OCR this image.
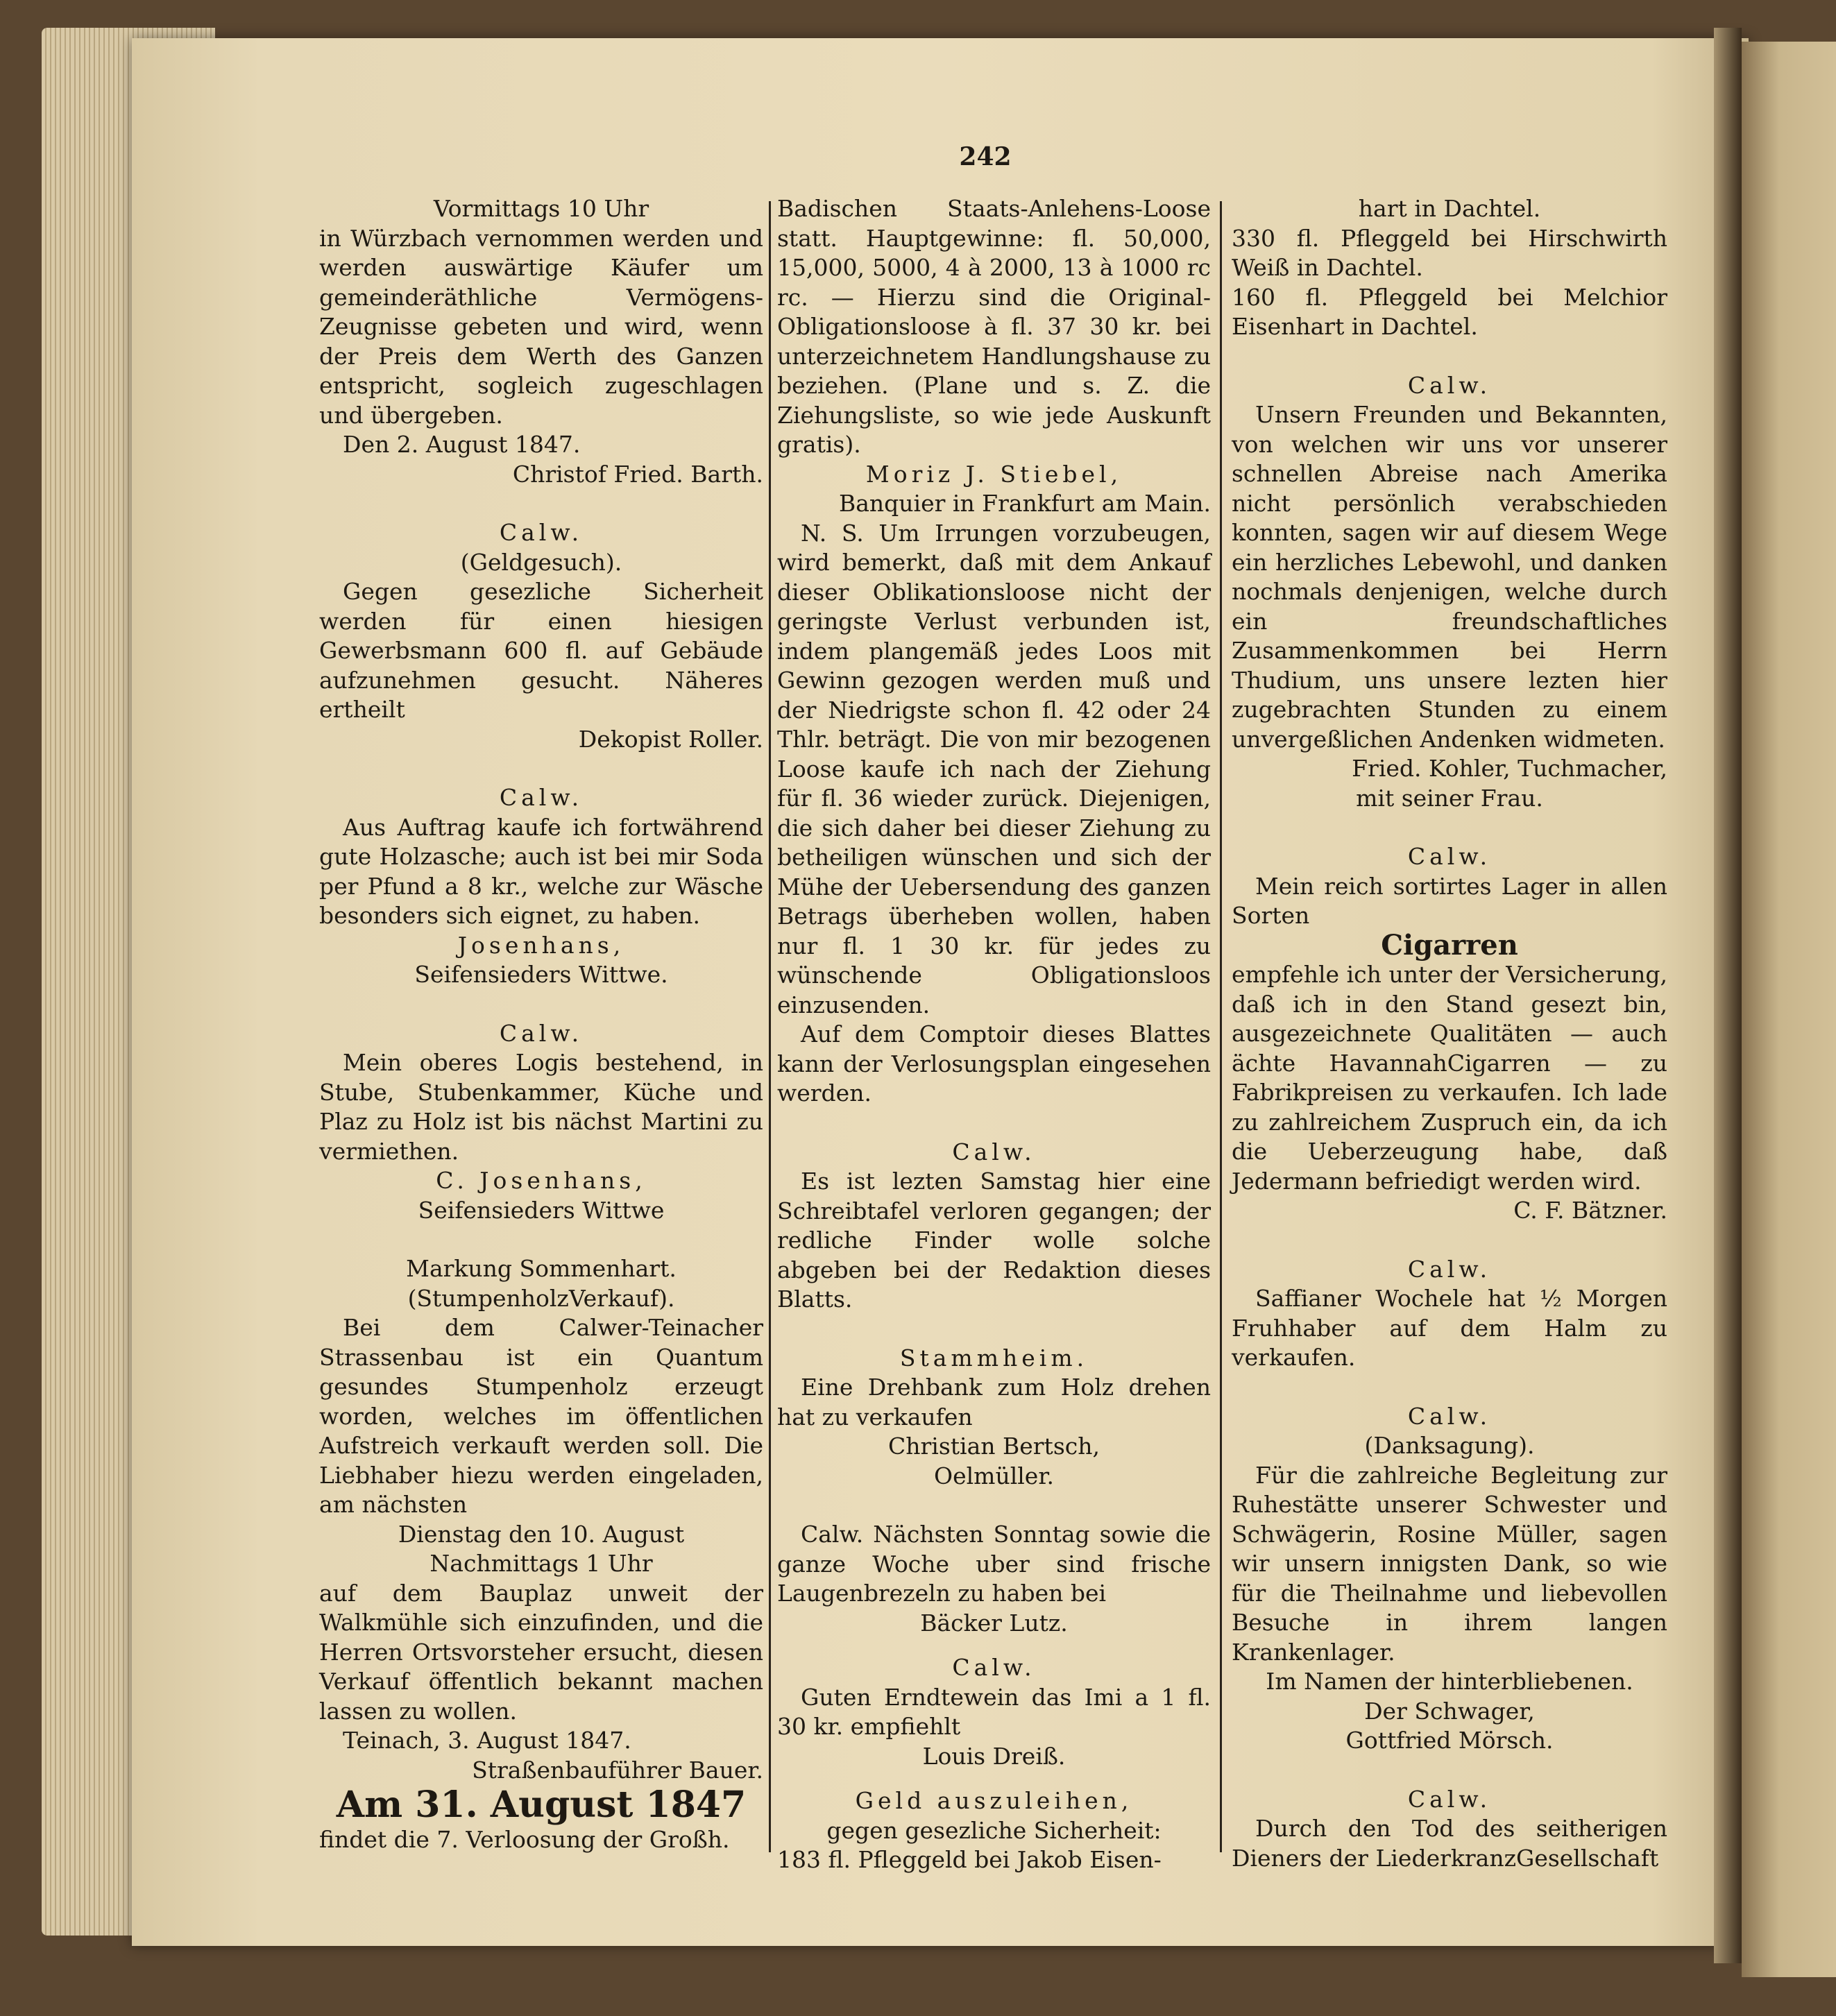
242

Vormittags 10 Uhr

in Würzbach vernommen werden und werden auswärtige Käufer um gemeinderäthliche Vermögens-Zeugnisse gebeten und wird, wenn der Preis dem Werth des Ganzen entspricht, sogleich zugeschlagen und übergeben.

Den 2. August 1847.

Christof Fried. Barth.

Calw.

(Geldgesuch).

Gegen gesezliche Sicherheit werden für einen hiesigen Gewerbsmann 600 fl. auf Gebäude aufzunehmen gesucht. Näheres ertheilt

Dekopist Roller.

Calw.

Aus Auftrag kaufe ich fortwährend gute Holzasche; auch ist bei mir Soda per Pfund a 8 kr., welche zur Wäsche besonders sich eignet, zu haben.

Josenhans,

Seifensieders Wittwe.

Calw.

Mein oberes Logis bestehend, in Stube, Stubenkammer, Küche und Plaz zu Holz ist bis nächst Martini zu vermiethen.

C. Josenhans,

Seifensieders Wittwe

Markung Sommenhart.

(StumpenholzVerkauf).

Bei dem Calwer-Teinacher Strassenbau ist ein Quantum gesundes Stumpenholz erzeugt worden, welches im öffentlichen Aufstreich verkauft werden soll. Die Liebhaber hiezu werden eingeladen, am nächsten

Dienstag den 10. August

Nachmittags 1 Uhr

auf dem Bauplaz unweit der Walkmühle sich einzufinden, und die Herren Ortsvorsteher ersucht, diesen Verkauf öffentlich bekannt machen lassen zu wollen.

Teinach, 3. August 1847.

Straßenbauführer Bauer.

Am 31. August 1847

findet die 7. Verloosung der Großh.

Badischen Staats-Anlehens-Loose statt. Hauptgewinne: fl. 50,000, 15,000, 5000, 4 à 2000, 13 à 1000 rc rc. — Hierzu sind die Original-Obligationsloose à fl. 37 30 kr. bei unterzeichnetem Handlungshause zu beziehen. (Plane und s. Z. die Ziehungsliste, so wie jede Auskunft gratis).

Moriz J. Stiebel,

Banquier in Frankfurt am Main.

N. S. Um Irrungen vorzubeugen, wird bemerkt, daß mit dem Ankauf dieser Oblikationsloose nicht der geringste Verlust verbunden ist, indem plangemäß jedes Loos mit Gewinn gezogen werden muß und der Niedrigste schon fl. 42 oder 24 Thlr. beträgt. Die von mir bezogenen Loose kaufe ich nach der Ziehung für fl. 36 wieder zurück. Diejenigen, die sich daher bei dieser Ziehung zu betheiligen wünschen und sich der Mühe der Uebersendung des ganzen Betrags überheben wollen, haben nur fl. 1 30 kr. für jedes zu wünschende Obligationsloos einzusenden.

Auf dem Comptoir dieses Blattes kann der Verlosungsplan eingesehen werden.

Calw.

Es ist lezten Samstag hier eine Schreibtafel verloren gegangen; der redliche Finder wolle solche abgeben bei der Redaktion dieses Blatts.

Stammheim.

Eine Drehbank zum Holz drehen hat zu verkaufen

Christian Bertsch,

Oelmüller.

Calw. Nächsten Sonntag sowie die ganze Woche uber sind frische Laugenbrezeln zu haben bei

Bäcker Lutz.

Calw.

Guten Erndtewein das Imi a 1 fl. 30 kr. empfiehlt

Louis Dreiß.

Geld auszuleihen,

gegen gesezliche Sicherheit:

183 fl. Pfleggeld bei Jakob Eisen-

hart in Dachtel.

330 fl. Pfleggeld bei Hirschwirth Weiß in Dachtel.

160 fl. Pfleggeld bei Melchior Eisenhart in Dachtel.

Calw.

Unsern Freunden und Bekannten, von welchen wir uns vor unserer schnellen Abreise nach Amerika nicht persönlich verabschieden konnten, sagen wir auf diesem Wege ein herzliches Lebewohl, und danken nochmals denjenigen, welche durch ein freundschaftliches Zusammenkommen bei Herrn Thudium, uns unsere lezten hier zugebrachten Stunden zu einem unvergeßlichen Andenken widmeten.

Fried. Kohler, Tuchmacher,

mit seiner Frau.

Calw.

Mein reich sortirtes Lager in allen Sorten

Cigarren

empfehle ich unter der Versicherung, daß ich in den Stand gesezt bin, ausgezeichnete Qualitäten — auch ächte HavannahCigarren — zu Fabrikpreisen zu verkaufen. Ich lade zu zahlreichem Zuspruch ein, da ich die Ueberzeugung habe, daß Jedermann befriedigt werden wird.

C. F. Bätzner.

Calw.

Saffianer Wochele hat ½ Morgen Fruhhaber auf dem Halm zu verkaufen.

Calw.

(Danksagung).

Für die zahlreiche Begleitung zur Ruhestätte unserer Schwester und Schwägerin, Rosine Müller, sagen wir unsern innigsten Dank, so wie für die Theilnahme und liebevollen Besuche in ihrem langen Krankenlager.

Im Namen der hinterbliebenen.

Der Schwager,

Gottfried Mörsch.

Calw.

Durch den Tod des seitherigen Dieners der LiederkranzGesellschaft
